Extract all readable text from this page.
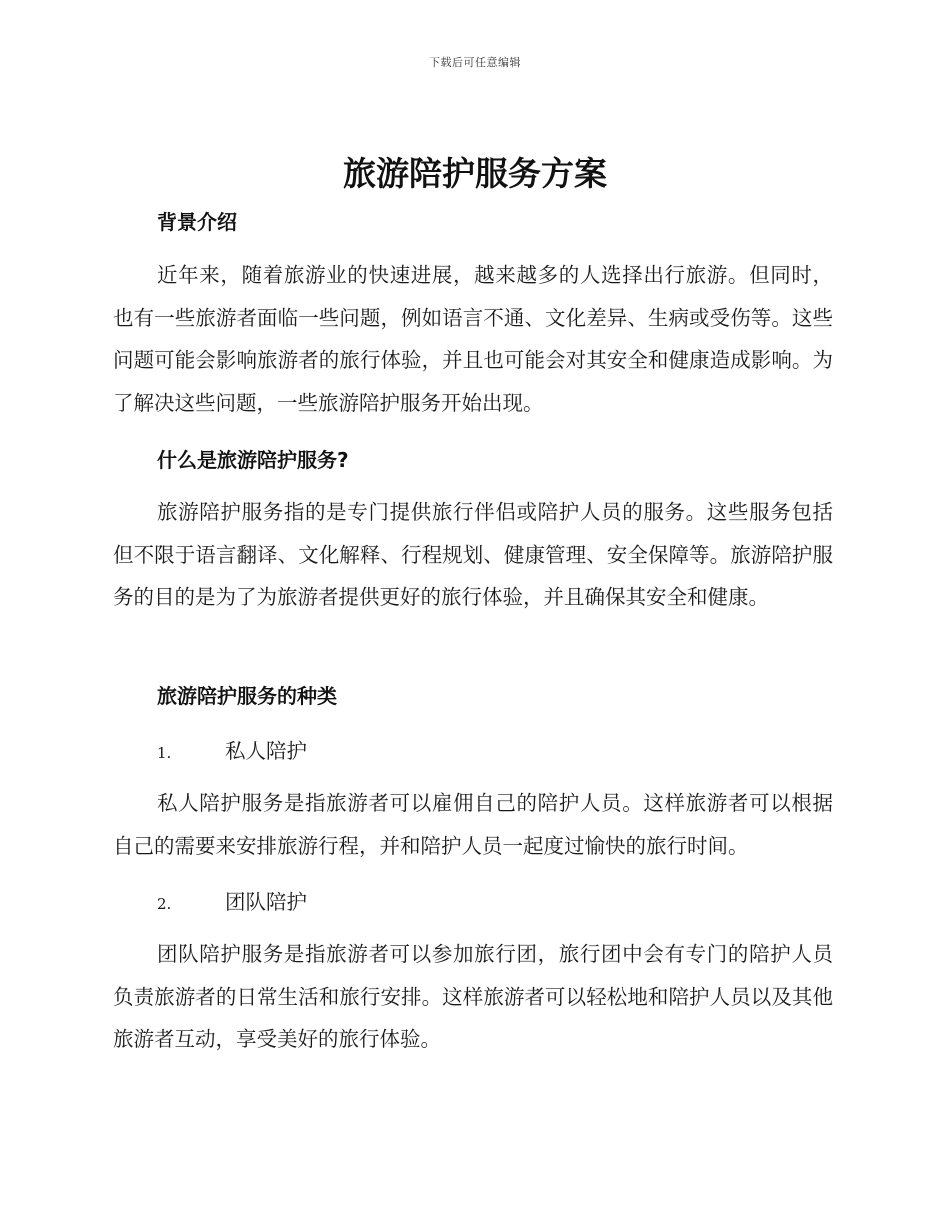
下载后可任意编辑
旅游陪护服务方案
背景介绍

近年来，随着旅游业的快速进展，越来越多的人选择出行旅游。但同时，也有一些旅游者面临一些问题，例如语言不通、文化差异、生病或受伤等。这些问题可能会影响旅游者的旅行体验，并且也可能会对其安全和健康造成影响。为了解决这些问题，一些旅游陪护服务开始出现。

什么是旅游陪护服务?

旅游陪护服务指的是专门提供旅行伴侣或陪护人员的服务。这些服务包括但不限于语言翻译、文化解释、行程规划、健康管理、安全保障等。旅游陪护服务的目的是为了为旅游者提供更好的旅行体验，并且确保其安全和健康。

旅游陪护服务的种类
1.	私人陪护

私人陪护服务是指旅游者可以雇佣自己的陪护人员。这样旅游者可以根据自己的需要来安排旅游行程，并和陪护人员一起度过愉快的旅行时间。

2.	团队陪护

团队陪护服务是指旅游者可以参加旅行团，旅行团中会有专门的陪护人员负责旅游者的日常生活和旅行安排。这样旅游者可以轻松地和陪护人员以及其他旅游者互动，享受美好的旅行体验。
